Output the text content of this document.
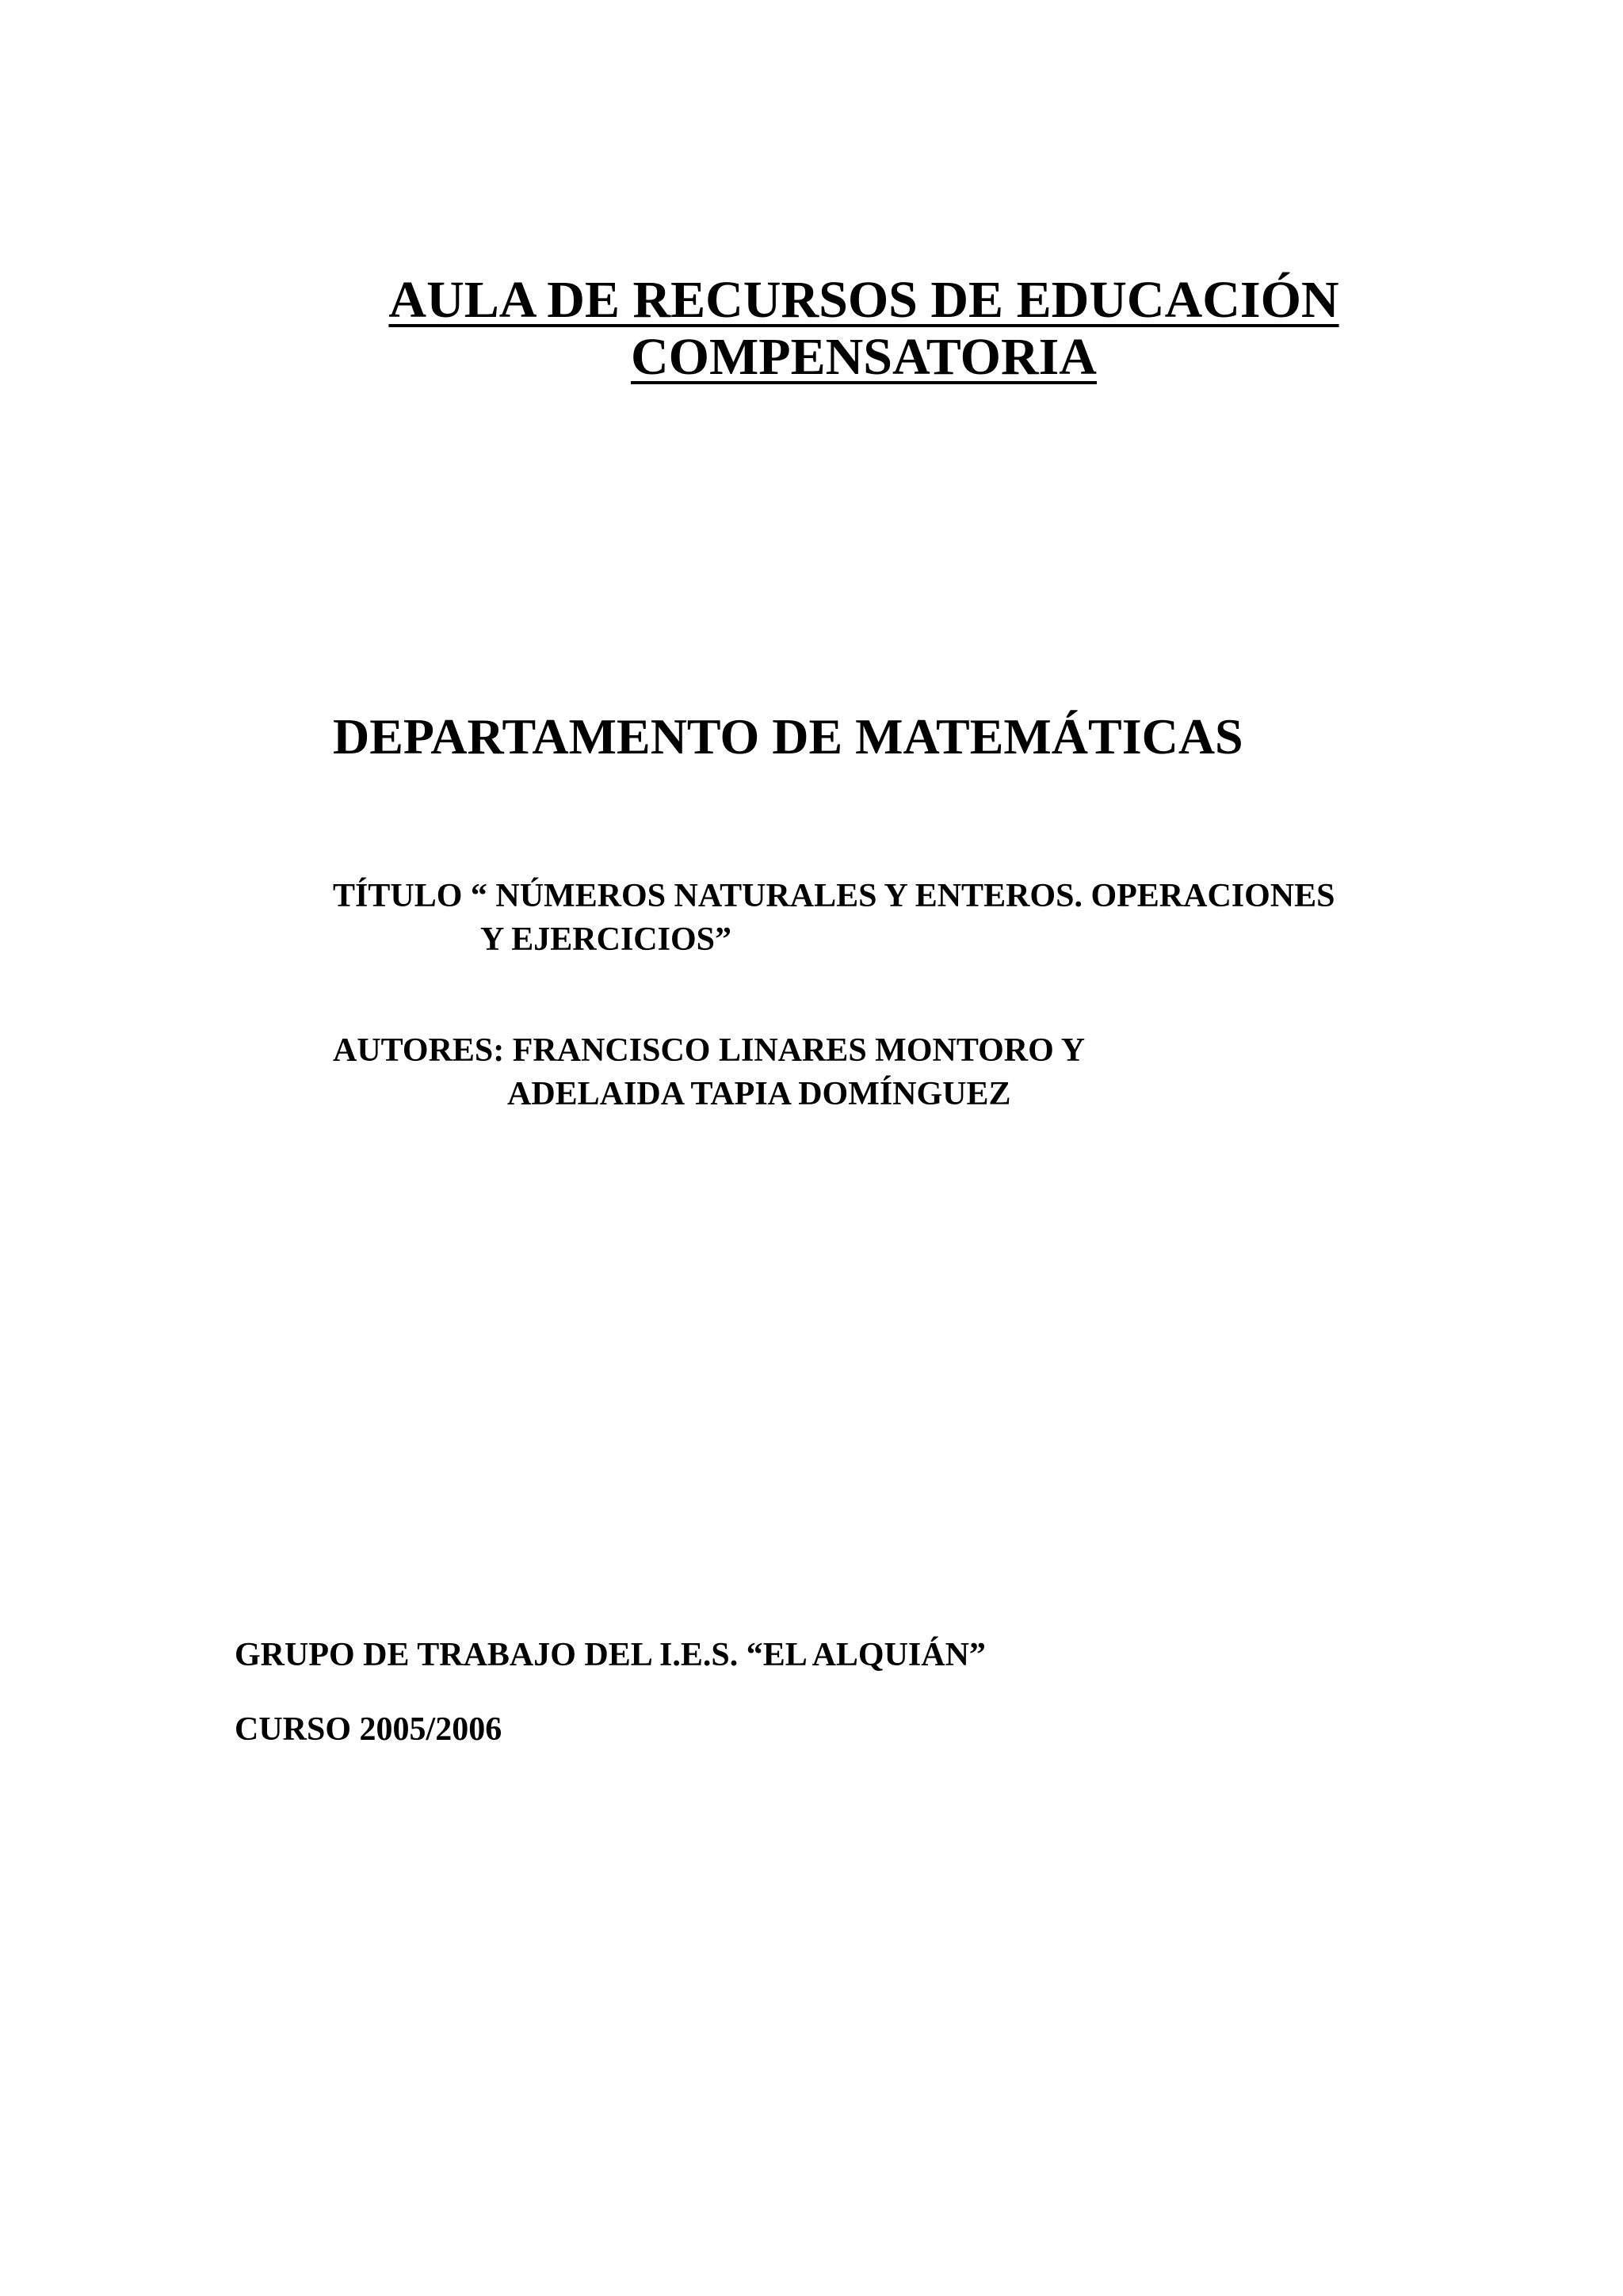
AULA DE RECURSOS DE EDUCACIÓN
COMPENSATORIA
DEPARTAMENTO DE MATEMÁTICAS
TÍTULO “ NÚMEROS NATURALES Y ENTEROS. OPERACIONES
Y EJERCICIOS”
AUTORES: FRANCISCO LINARES MONTORO Y
ADELAIDA TAPIA DOMÍNGUEZ
GRUPO DE TRABAJO DEL I.E.S. “EL ALQUIÁN”
CURSO 2005/2006
